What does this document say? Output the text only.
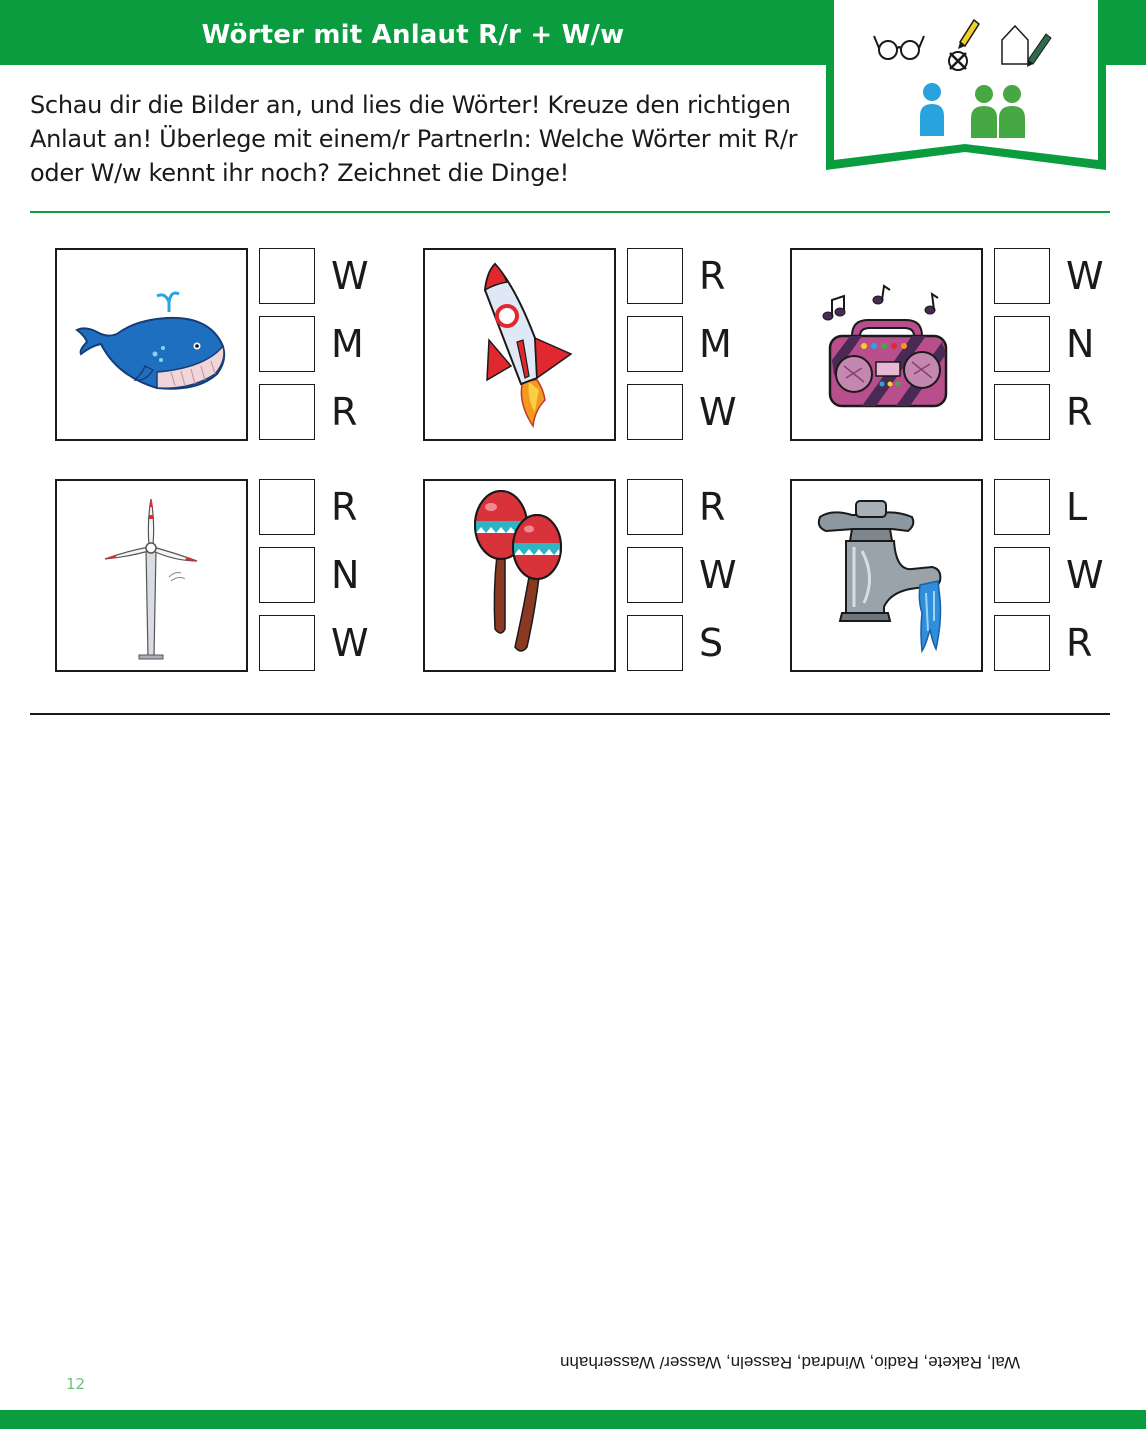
Wörter mit Anlaut R/r + W/w

Schau dir die Bilder an, und lies die Wörter! Kreuze den richtigen Anlaut an! Überlege mit einem/r PartnerIn: Welche Wörter mit R/r oder W/w kennt ihr noch? Zeichnet die Dinge!

W
M
R
R
M
W
W
N
R
R
N
W
R
W
S
L
W
R
Wal, Rakete, Radio, Windrad, Rasseln, Wasser/ Wasserhahn
12
